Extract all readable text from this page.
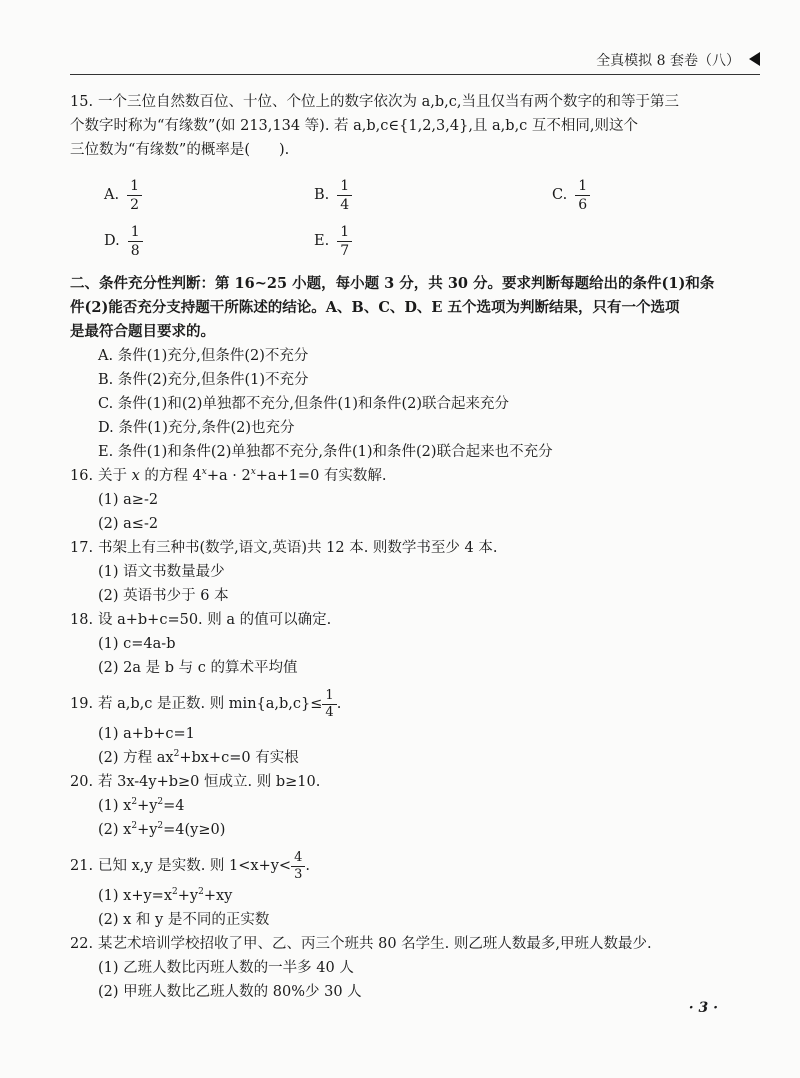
全真模拟 8 套卷（八）

15. 一个三位自然数百位、十位、个位上的数字依次为 a,b,c,当且仅当有两个数字的和等于第三

个数字时称为“有缘数”(如 213,134 等). 若 a,b,c∈{1,2,3,4},且 a,b,c 互不相同,则这个

三位数为“有缘数”的概率是(　　).

A. $\frac{1}{2}$	B. $\frac{1}{4}$	C. $\frac{1}{6}$
D. $\frac{1}{8}$	E. $\frac{1}{7}$

二、条件充分性判断：第 16~25 小题，每小题 3 分，共 30 分。要求判断每题给出的条件(1)和条

件(2)能否充分支持题干所陈述的结论。A、B、C、D、E 五个选项为判断结果，只有一个选项

是最符合题目要求的。

A. 条件(1)充分,但条件(2)不充分

B. 条件(2)充分,但条件(1)不充分

C. 条件(1)和(2)单独都不充分,但条件(1)和条件(2)联合起来充分

D. 条件(1)充分,条件(2)也充分

E. 条件(1)和条件(2)单独都不充分,条件(1)和条件(2)联合起来也不充分

16. 关于 x 的方程 $4^x+a \cdot 2^x+a+1=0$ 有实数解.

(1) a≥-2

(2) a≤-2

17. 书架上有三种书(数学,语文,英语)共 12 本. 则数学书至少 4 本.

(1) 语文书数量最少

(2) 英语书少于 6 本

18. 设 a+b+c=50. 则 a 的值可以确定.

(1) c=4a-b

(2) 2a 是 b 与 c 的算术平均值

19. 若 a,b,c 是正数. 则 $\min\{a,b,c\}\le \frac{1}{4}$ .

(1) a+b+c=1

(2) 方程 $ax^2+bx+c=0$ 有实根

20. 若 3x-4y+b≥0 恒成立. 则 b≥10.

(1) $x^2+y^2=4$

(2) $x^2+y^2=4(y\ge 0)$

21. 已知 x,y 是实数. 则 $1<x+y< \frac{4}{3}$ .

(1) $x+y=x^2+y^2+xy$

(2) x 和 y 是不同的正实数

22. 某艺术培训学校招收了甲、乙、丙三个班共 80 名学生. 则乙班人数最多,甲班人数最少.

(1) 乙班人数比丙班人数的一半多 40 人

(2) 甲班人数比乙班人数的 80%少 30 人

· 3 ·
